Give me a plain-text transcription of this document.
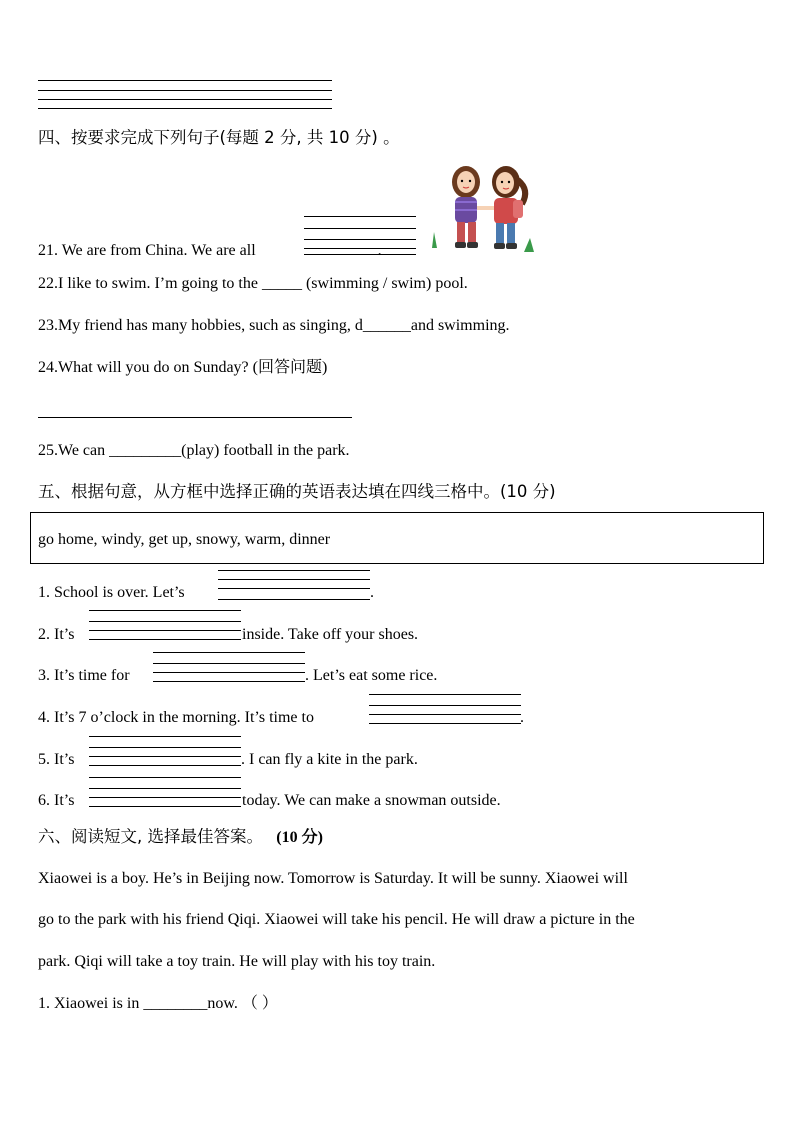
四、按要求完成下列句子(每题 2 分, 共 10 分) 。
21. We are from China. We are all	.
22.I like to swim. I’m going to the _____ (swimming / swim) pool.
23.My friend has many hobbies, such as singing, d______and swimming.
24.What will you do on Sunday? (回答问题)
25.We can _________(play) football in the park.
五、根据句意，从方框中选择正确的英语表达填在四线三格中。(10 分)
go home, windy, get up, snowy, warm, dinner
1. School is over. Let’s	.
2. It’s	inside. Take off your shoes.
3. It’s time for	. Let’s eat some rice.
4. It’s 7 o’clock in the morning. It’s time to	.
5. It’s	. I can fly a kite in the park.
6. It’s	today. We can make a snowman outside.
六、阅读短文, 选择最佳答案。 (10 分)
Xiaowei is a boy. He’s in Beijing now. Tomorrow is Saturday. It will be sunny. Xiaowei will
go to the park with his friend Qiqi. Xiaowei will take his pencil. He will draw a picture in the
park. Qiqi will take a toy train. He will play with his toy train.
1. Xiaowei is in ________now. （ ）
